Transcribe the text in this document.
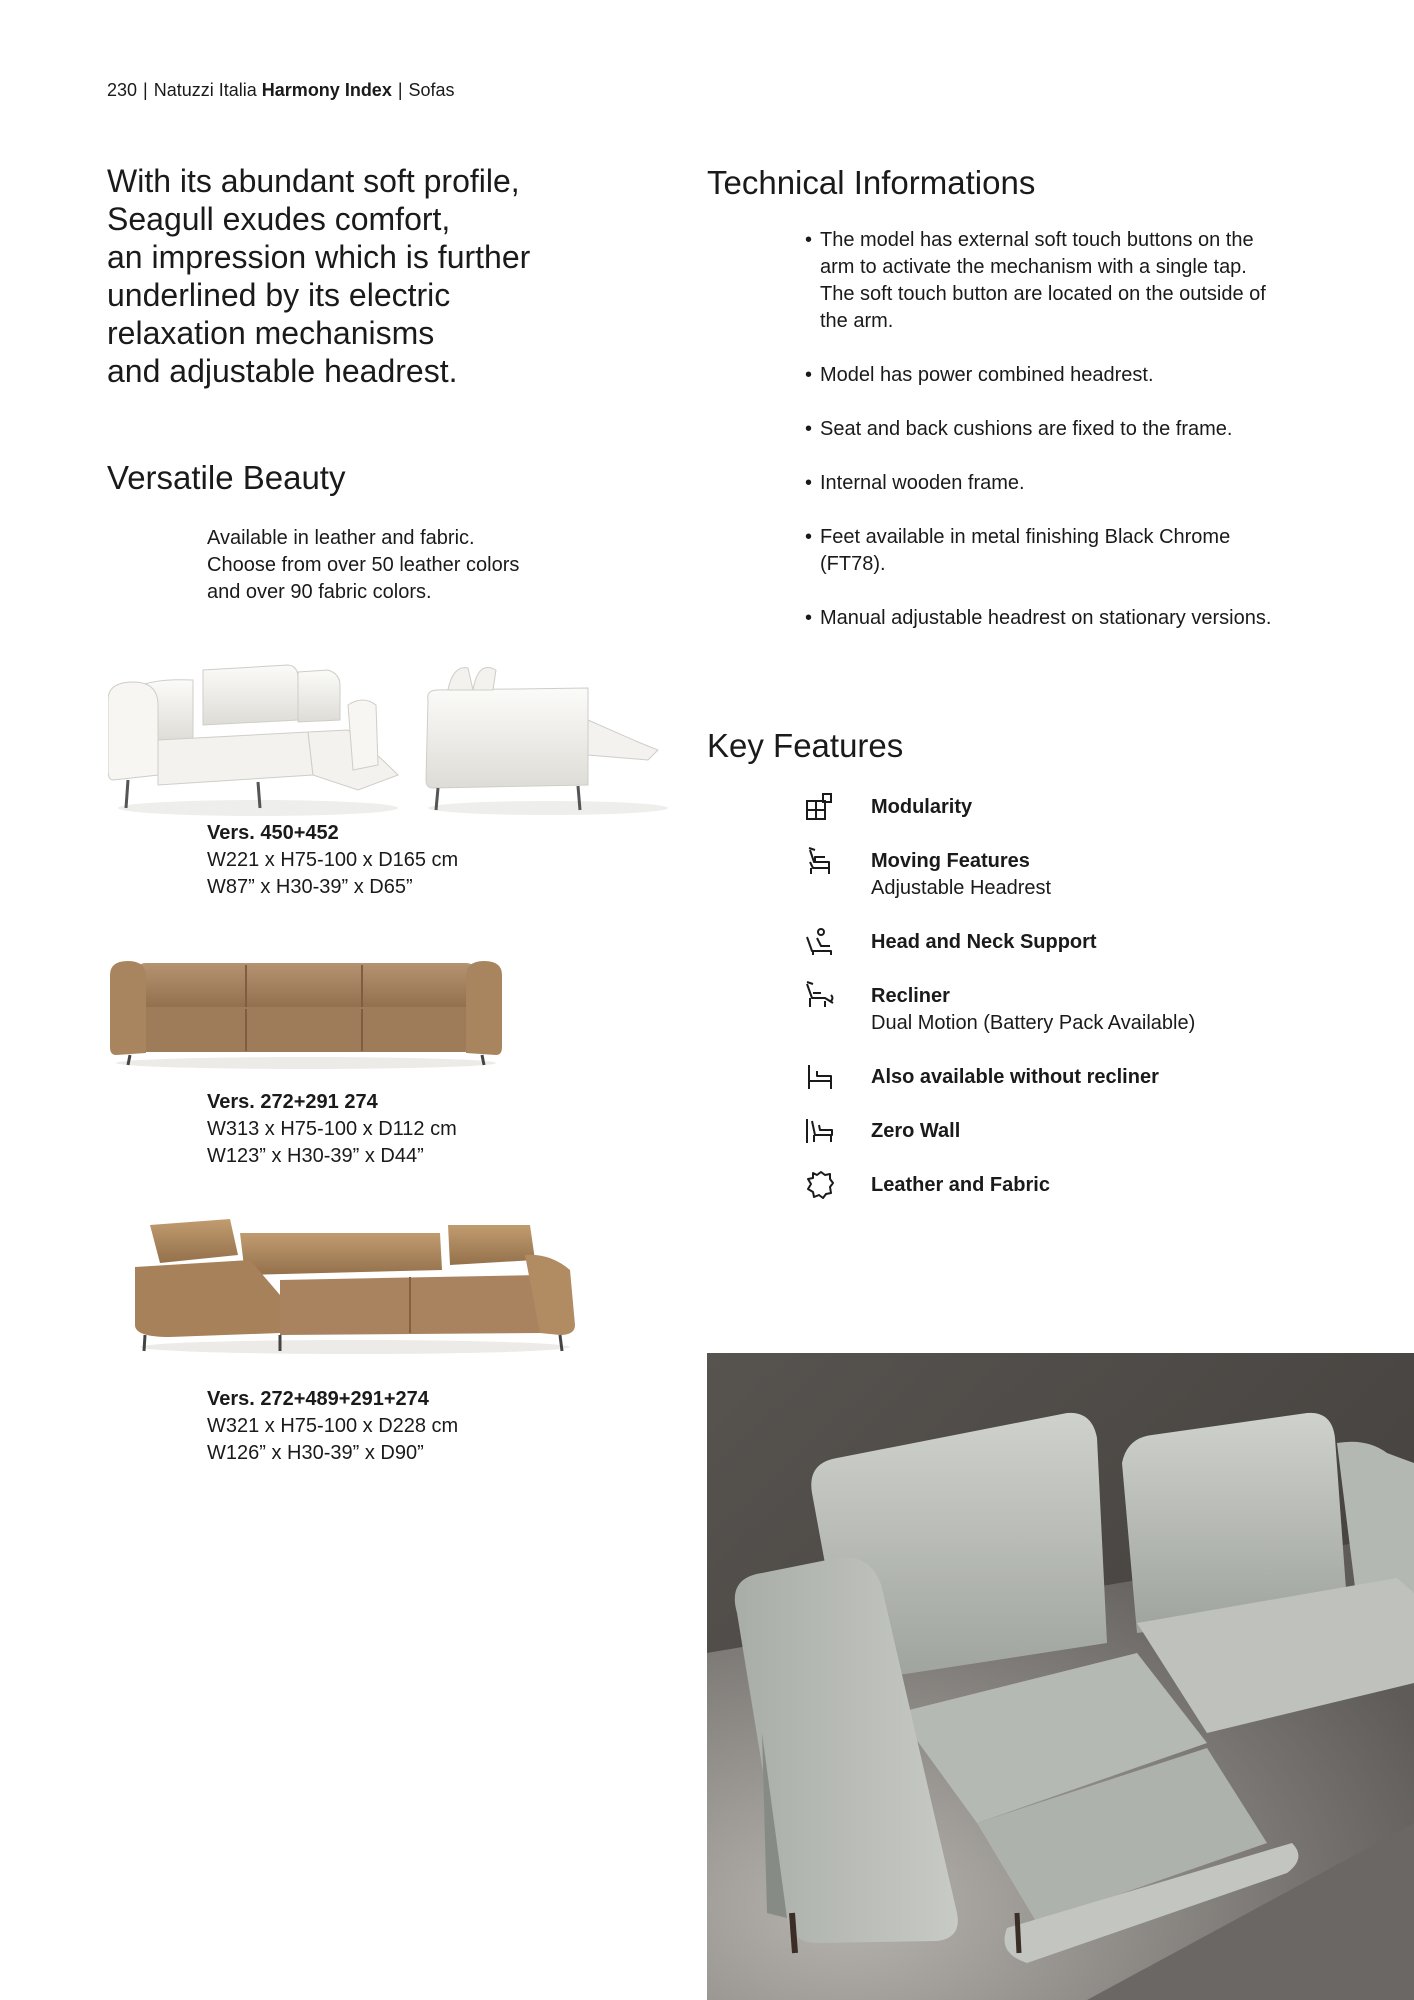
230 | Natuzzi Italia Harmony Index | Sofas
With its abundant soft profile,
Seagull exudes comfort,
an impression which is further
underlined by its electric
relaxation mechanisms
and adjustable headrest.
Versatile Beauty
Available in leather and fabric.
Choose from over 50 leather colors
and over 90 fabric colors.
Vers. 450+452
W221 x H75-100 x D165 cm
W87” x H30-39” x D65”
Vers. 272+291 274
W313 x H75-100 x D112 cm
W123” x H30-39” x D44”
Vers. 272+489+291+274
W321 x H75-100 x D228 cm
W126” x H30-39” x D90”
Technical Informations
• The model has external soft touch buttons on the arm to activate the mechanism with a single tap. The soft touch button are located on the outside of the arm.
• Model has power combined headrest.
• Seat and back cushions are fixed to the frame.
• Internal wooden frame.
• Feet available in metal finishing Black Chrome (FT78).
• Manual adjustable headrest on stationary versions.
Key Features
Modularity
Moving Features
Adjustable Headrest
Head and Neck Support
Recliner
Dual Motion (Battery Pack Available)
Also available without recliner
Zero Wall
Leather and Fabric
